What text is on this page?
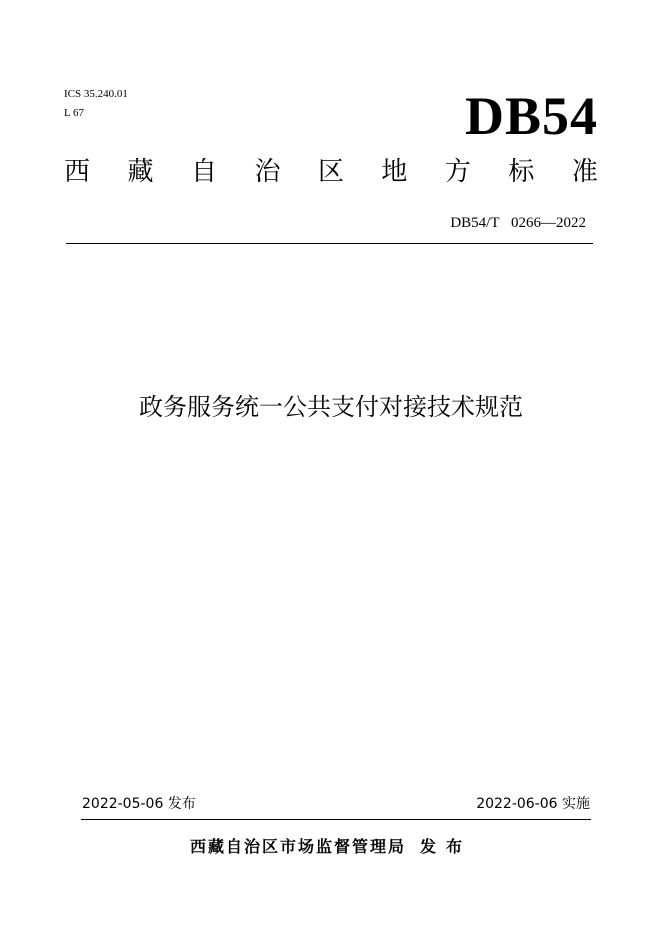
ICS 35.240.01
L 67	DB54
西 藏 自 治 区 地 方 标 准
DB54/T 0266—2022
政务服务统一公共支付对接技术规范
2022-05-06 发布	2022-06-06 实施
西藏自治区市场监督管理局 发布
